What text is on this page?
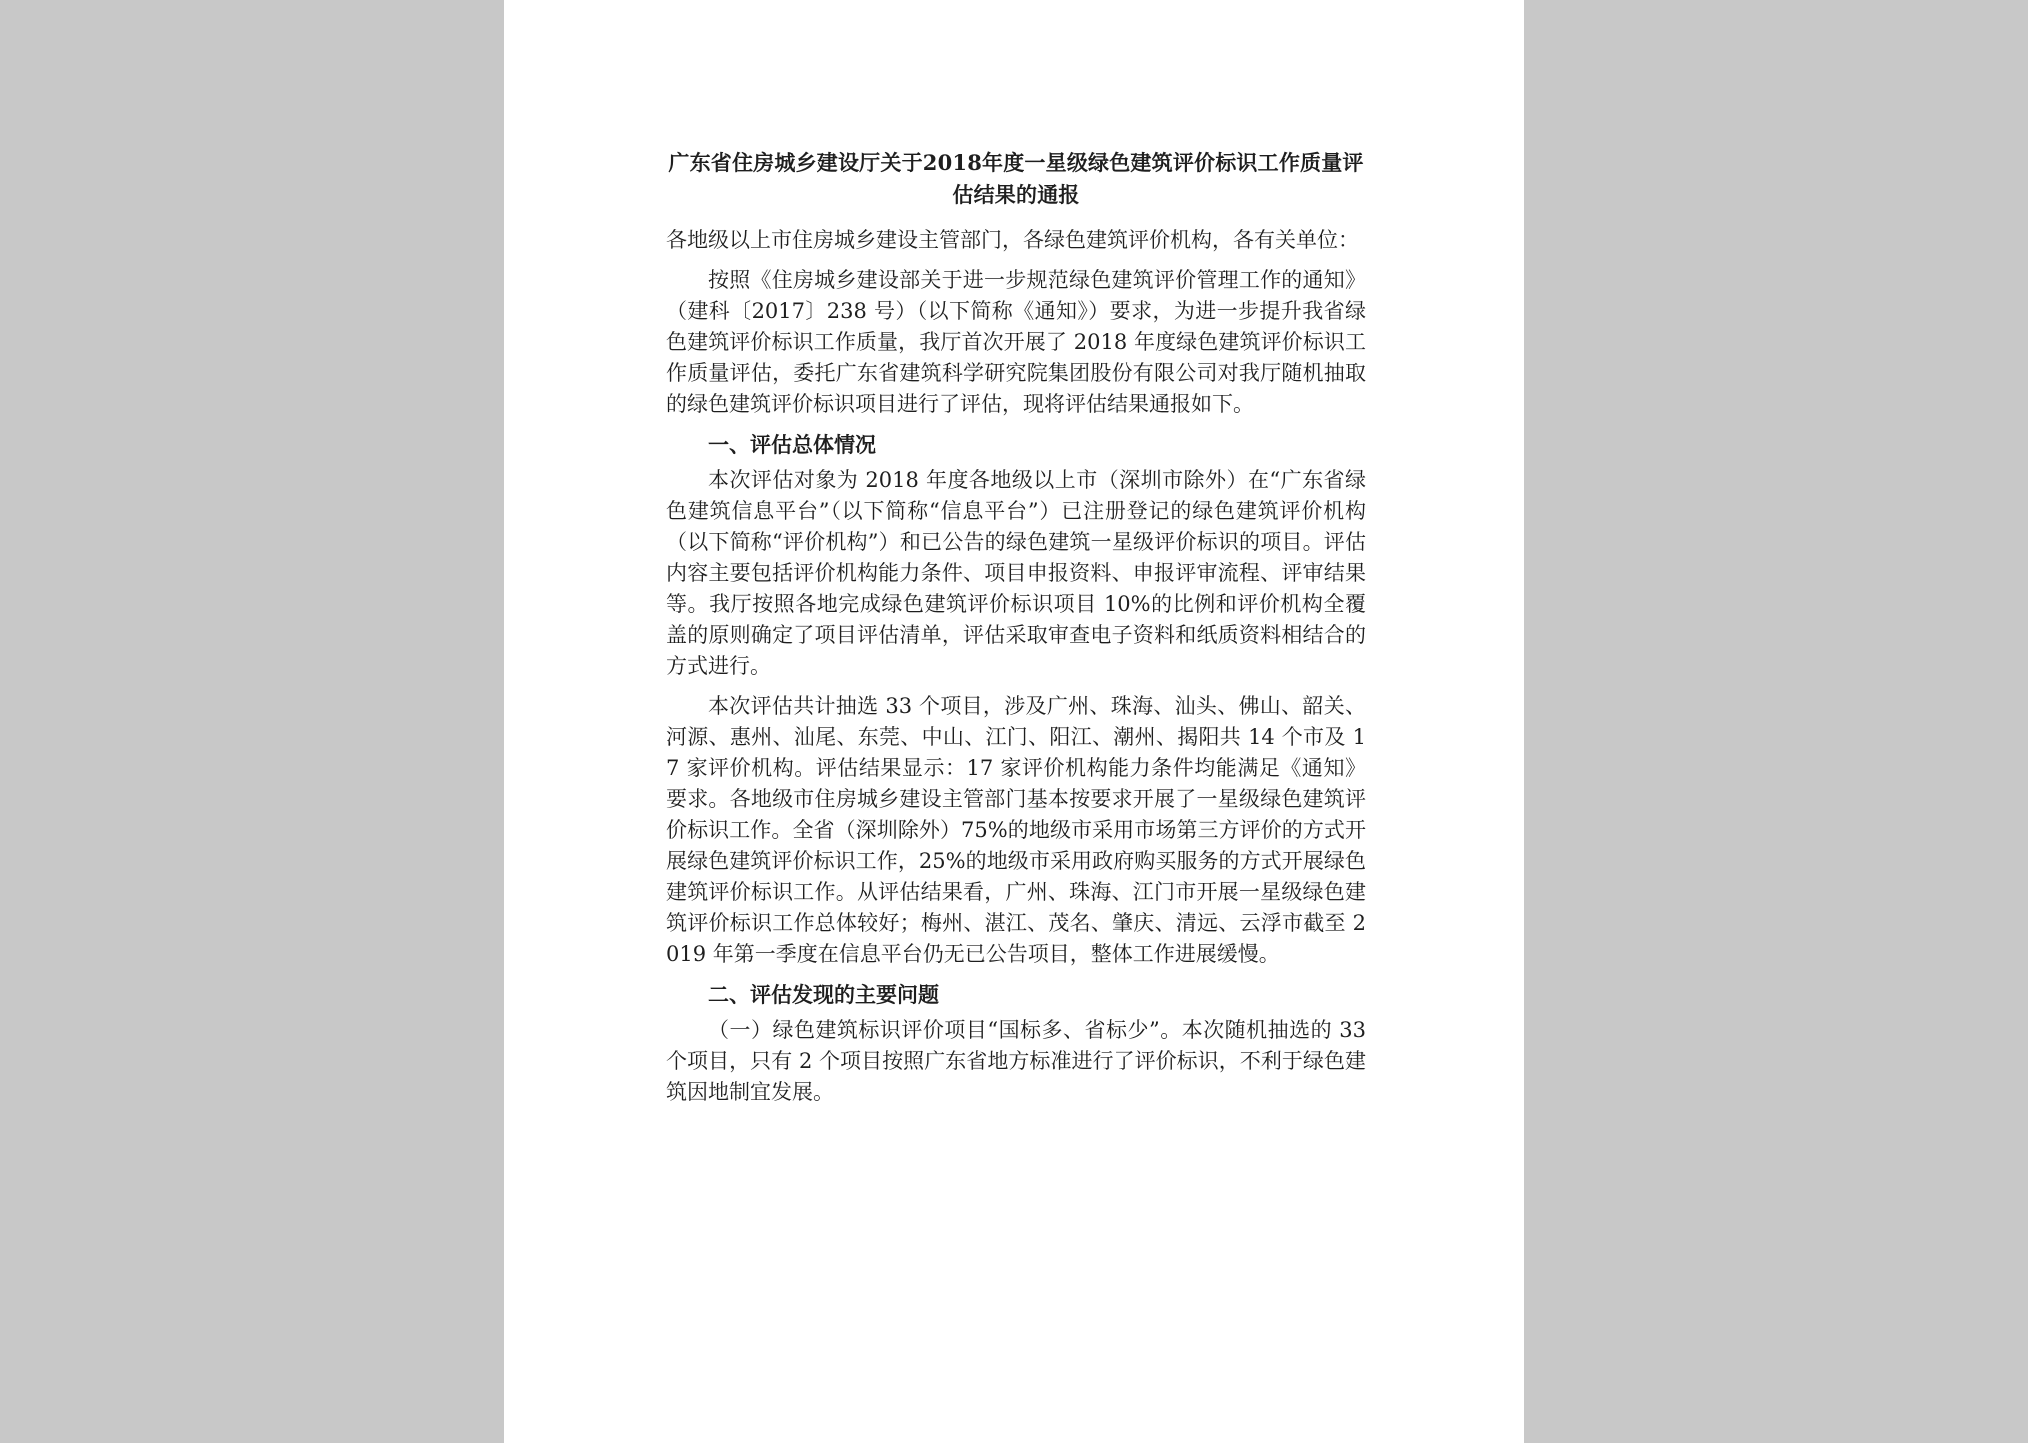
广东省住房城乡建设厅关于2018年度一星级绿色建筑评价标识工作质量评估结果的通报
各地级以上市住房城乡建设主管部门，各绿色建筑评价机构，各有关单位：
按照《住房城乡建设部关于进一步规范绿色建筑评价管理工作的通知》（建科〔2017〕238 号）（以下简称《通知》）要求，为进一步提升我省绿色建筑评价标识工作质量，我厅首次开展了 2018 年度绿色建筑评价标识工作质量评估，委托广东省建筑科学研究院集团股份有限公司对我厅随机抽取的绿色建筑评价标识项目进行了评估，现将评估结果通报如下。
一、评估总体情况
本次评估对象为 2018 年度各地级以上市（深圳市除外）在“广东省绿色建筑信息平台”（以下简称“信息平台”）已注册登记的绿色建筑评价机构（以下简称“评价机构”）和已公告的绿色建筑一星级评价标识的项目。评估内容主要包括评价机构能力条件、项目申报资料、申报评审流程、评审结果等。我厅按照各地完成绿色建筑评价标识项目 10%的比例和评价机构全覆盖的原则确定了项目评估清单，评估采取审查电子资料和纸质资料相结合的方式进行。
本次评估共计抽选 33 个项目，涉及广州、珠海、汕头、佛山、韶关、河源、惠州、汕尾、东莞、中山、江门、阳江、潮州、揭阳共 14 个市及 17 家评价机构。评估结果显示：17 家评价机构能力条件均能满足《通知》要求。各地级市住房城乡建设主管部门基本按要求开展了一星级绿色建筑评价标识工作。全省（深圳除外）75%的地级市采用市场第三方评价的方式开展绿色建筑评价标识工作，25%的地级市采用政府购买服务的方式开展绿色建筑评价标识工作。从评估结果看，广州、珠海、江门市开展一星级绿色建筑评价标识工作总体较好；梅州、湛江、茂名、肇庆、清远、云浮市截至 2019 年第一季度在信息平台仍无已公告项目，整体工作进展缓慢。
二、评估发现的主要问题
（一）绿色建筑标识评价项目“国标多、省标少”。本次随机抽选的 33 个项目，只有 2 个项目按照广东省地方标准进行了评价标识，不利于绿色建筑因地制宜发展。
